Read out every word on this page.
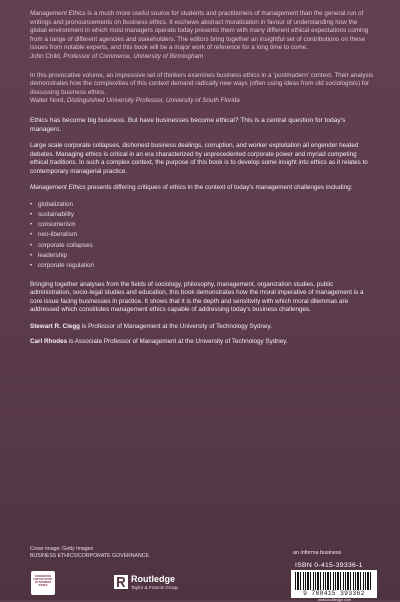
Management Ethics is a much more useful source for students and practitioners of management than the general run of writings and pronouncements on business ethics. It eschews abstract moralization in favour of understanding how the global environment in which most managers operate today presents them with many different ethical expectations coming from a range of different agencies and stakeholders. The editors bring together an insightful set of contributions on these issues from notable experts, and this book will be a major work of reference for a long time to come.
John Child, Professor of Commerce, University of Birmingham

In this provocative volume, an impressive set of thinkers examines business ethics in a 'postmodern' context. Their analysis demonstrates how the complexities of this context demand radically new ways (often using ideas from old sociologists) for discussing business ethics.
Walter Nord, Distinguished University Professor, University of South Florida

Ethics has become big business. But have businesses become ethical? This is a central question for today's managers.

Large scale corporate collapses, dishonest business dealings, corruption, and worker exploitation all engender heated debates. Managing ethics is critical in an era characterized by unprecedented corporate power and myriad competing ethical traditions. In such a complex context, the purpose of this book is to develop some insight into ethics as it relates to contemporary managerial practice.

Management Ethics presents differing critiques of ethics in the context of today's management challenges including:

• globalization
• sustainability
• consumerism
• neo-liberalism
• corporate collapses
• leadership
• corporate regulation

Bringing together analyses from the fields of sociology, philosophy, management, organization studies, public administration, socio-legal studies and education, this book demonstrates how the moral imperative of management is a core issue facing businesses in practice. It shows that it is the depth and sensitivity with which moral dilemmas are addressed which constitutes management ethics capable of addressing today's business challenges.

Stewart R. Clegg is Professor of Management at the University of Technology Sydney.

Carl Rhodes is Associate Professor of Management at the University of Technology Sydney.

Cover image: Getty Images
BUSINESS ETHICS/CORPORATE GOVERNANCE
FOUNDATION FOR THE STUDY OF BUSINESS ETHICS
Routledge
Taylor & Francis Group
an informa business
ISBN 0-415-39336-1
9 780415 393362
www.routledge.com
